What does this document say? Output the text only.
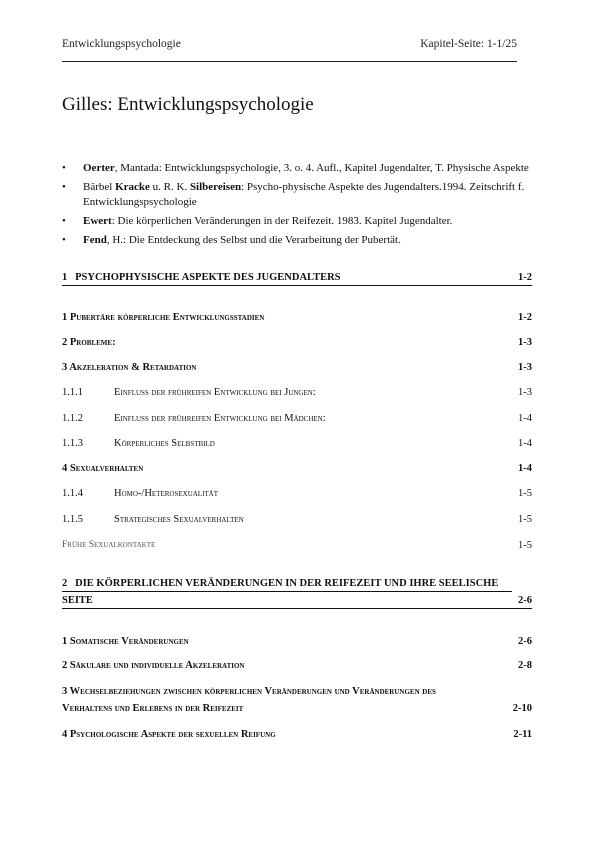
Entwicklungspsychologie	Kapitel-Seite: 1-1/25
Gilles: Entwicklungspsychologie
• Oerter, Mantada: Entwicklungspsychologie, 3. o. 4. Aufl., Kapitel Jugendalter, T. Physische Aspekte
• Bärbel Kracke u. R. K. Silbereisen: Psycho-physische Aspekte des Jugendalters.1994. Zeitschrift f. Entwicklungspsychologie
• Ewert: Die körperlichen Veränderungen in der Reifezeit. 1983. Kapitel Jugendalter.
• Fend, H.: Die Entdeckung des Selbst und die Verarbeitung der Pubertät.
1 PSYCHOPHYSISCHE ASPEKTE DES JUGENDALTERS	1-2
1 Pubertäre körperliche Entwicklungsstadien	1-2
2 Probleme:	1-3
3 Akzeleration & Retardation	1-3
1.1.1	Einfluss der frühreifen Entwicklung bei Jungen:	1-3
1.1.2	Einfluss der frühreifen Entwicklung bei Mädchen:	1-4
1.1.3	Körperliches Selbstbild	1-4
4 Sexualverhalten	1-4
1.1.4	Homo-/Heterosexualität	1-5
1.1.5	Strategisches Sexualverhalten	1-5
Frühe Sexualkontakte	1-5
2 DIE KÖRPERLICHEN VERÄNDERUNGEN IN DER REIFEZEIT UND IHRE SEELISCHE
SEITE	2-6
1 Somatische Veränderungen	2-6
2 Säkulare und individuelle Akzeleration	2-8
3 Wechselbeziehungen zwischen körperlichen Veränderungen und Veränderungen des
Verhaltens und Erlebens in der Reifezeit	2-10
4 Psychologische Aspekte der sexuellen Reifung	2-11
